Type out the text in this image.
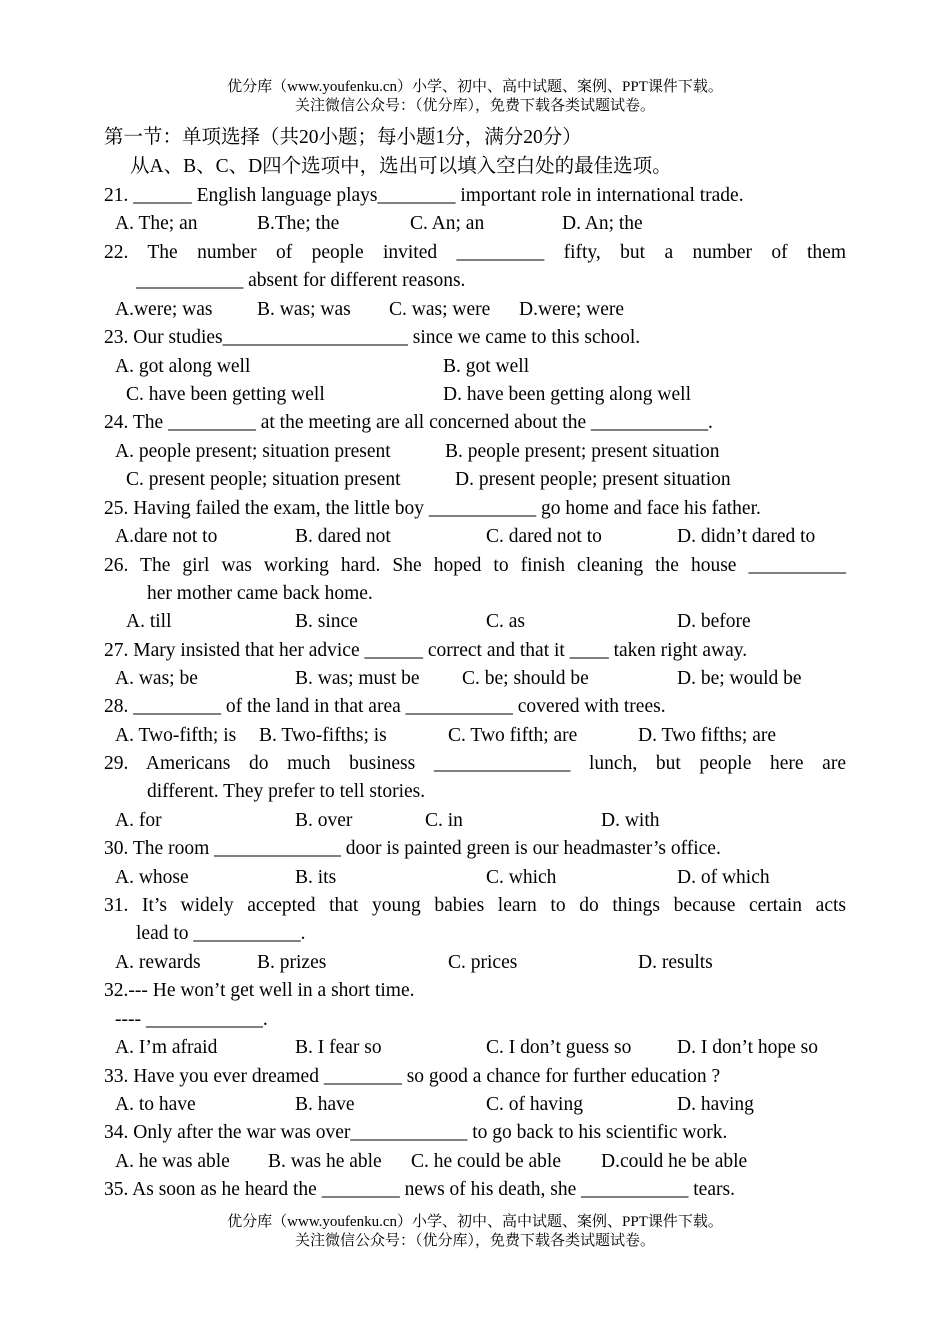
优分库（www.youfenku.cn）小学、初中、高中试题、案例、PPT课件下载。
关注微信公众号：（优分库），免费下载各类试题试卷。
第一节：单项选择（共20小题；每小题1分，满分20分）
从A、B、C、D四个选项中，选出可以填入空白处的最佳选项。
21. ______ English language plays________ important role in international trade.
A. The; an	B.The; the	C. An; an	D. An; the
22. The number of people invited _________ fifty, but a number of them
___________ absent for different reasons.
A.were; was B. was; was C. was; were D.were; were
23. Our studies___________________ since we came to this school.
A. got along well	B. got well
C. have been getting well	D. have been getting along well
24. The _________ at the meeting are all concerned about the ____________.
A. people present; situation present	B. people present; present situation
C. present people; situation present	D. present people; present situation
25. Having failed the exam, the little boy ___________ go home and face his father.
A.dare not to	B. dared not	C. dared not to	D. didn’t dared to
26. The girl was working hard. She hoped to finish cleaning the house __________
her mother came back home.
A. till	B. since	C. as	D. before
27. Mary insisted that her advice ______ correct and that it ____ taken right away.
A. was; be	B. was; must be C. be; should be	D. be; would be
28. _________ of the land in that area ___________ covered with trees.
A. Two-fifth; is B. Two-fifths; is	C. Two fifth; are	D. Two fifths; are
29. Americans do much business ______________ lunch, but people here are
different. They prefer to tell stories.
A. for	B. over	C. in	D. with
30. The room _____________ door is painted green is our headmaster’s office.
A. whose	B. its	C. which	D. of which
31. It’s widely accepted that young babies learn to do things because certain acts
lead to ___________.
A. rewards	B. prizes	C. prices	D. results
32.--- He won’t get well in a short time.
---- ____________.
A. I’m afraid	B. I fear so	C. I don’t guess so D. I don’t hope so
33. Have you ever dreamed ________ so good a chance for further education ?
A. to have	B. have	C. of having	D. having
34. Only after the war was over____________ to go back to his scientific work.
A. he was able B. was he able C. he could be able D.could he be able
35. As soon as he heard the ________ news of his death, she ___________ tears.
优分库（www.youfenku.cn）小学、初中、高中试题、案例、PPT课件下载。
关注微信公众号：（优分库），免费下载各类试题试卷。
